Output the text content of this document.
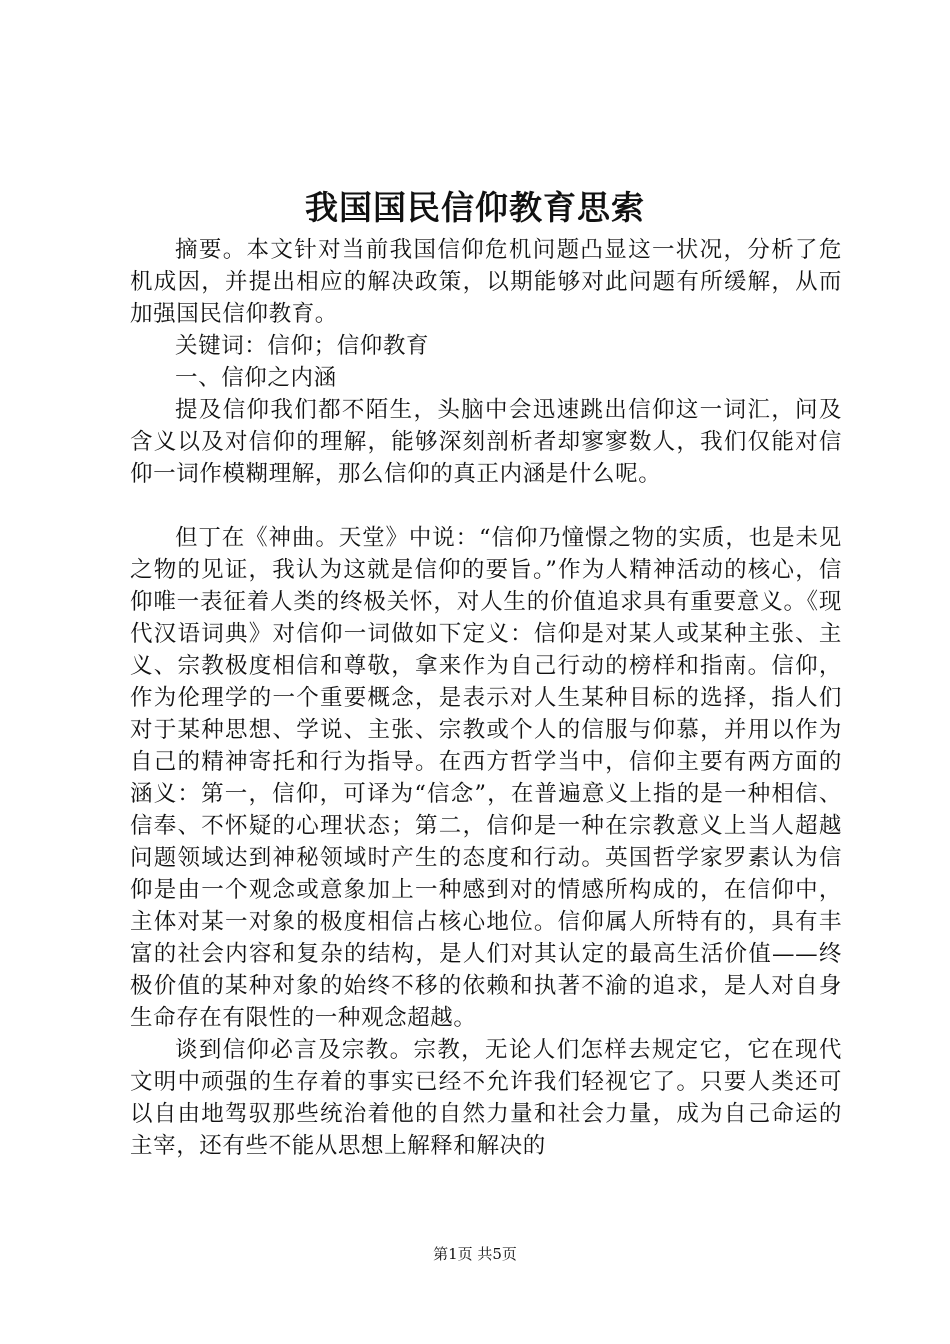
我国国民信仰教育思索

摘要。本文针对当前我国信仰危机问题凸显这一状况，分析了危机成因，并提出相应的解决政策，以期能够对此问题有所缓解，从而加强国民信仰教育。

关键词：信仰；信仰教育

一、信仰之内涵

提及信仰我们都不陌生，头脑中会迅速跳出信仰这一词汇，问及含义以及对信仰的理解，能够深刻剖析者却寥寥数人，我们仅能对信仰一词作模糊理解，那么信仰的真正内涵是什么呢。

但丁在《神曲。天堂》中说：“信仰乃憧憬之物的实质，也是未见之物的见证，我认为这就是信仰的要旨。”作为人精神活动的核心，信仰唯一表征着人类的终极关怀，对人生的价值追求具有重要意义。《现代汉语词典》对信仰一词做如下定义：信仰是对某人或某种主张、主义、宗教极度相信和尊敬，拿来作为自己行动的榜样和指南。信仰，作为伦理学的一个重要概念，是表示对人生某种目标的选择，指人们对于某种思想、学说、主张、宗教或个人的信服与仰慕，并用以作为自己的精神寄托和行为指导。在西方哲学当中，信仰主要有两方面的涵义：第一，信仰，可译为“信念”，在普遍意义上指的是一种相信、信奉、不怀疑的心理状态；第二，信仰是一种在宗教意义上当人超越问题领域达到神秘领域时产生的态度和行动。英国哲学家罗素认为信仰是由一个观念或意象加上一种感到对的情感所构成的，在信仰中，主体对某一对象的极度相信占核心地位。信仰属人所特有的，具有丰富的社会内容和复杂的结构，是人们对其认定的最高生活价值——终极价值的某种对象的始终不移的依赖和执著不渝的追求，是人对自身生命存在有限性的一种观念超越。

谈到信仰必言及宗教。宗教，无论人们怎样去规定它，它在现代文明中顽强的生存着的事实已经不允许我们轻视它了。只要人类还可以自由地驾驭那些统治着他的自然力量和社会力量，成为自己命运的主宰，还有些不能从思想上解释和解决的

第1页 共5页
